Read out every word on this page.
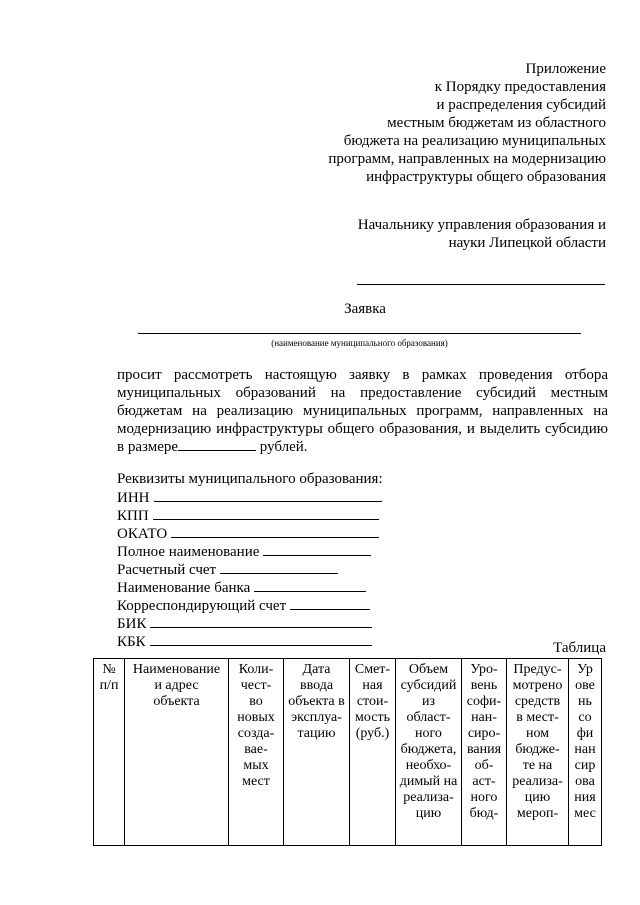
Приложение
к Порядку предоставления
и распределения субсидий
местным бюджетам из областного
бюджета на реализацию муниципальных
программ, направленных на модернизацию
инфраструктуры общего образования
Начальнику управления образования и
науки Липецкой области
Заявка
(наименование муниципального образования)
просит рассмотреть настоящую заявку в рамках проведения отбора муниципальных образований на предоставление субсидий местным бюджетам на реализацию муниципальных программ, направленных на модернизацию инфраструктуры общего образования, и выделить субсидию в размере	рублей.
Реквизиты муниципального образования:
ИНН
КПП
ОКАТО
Полное наименование
Расчетный счет
Наименование банка
Корреспондирующий счет
БИК
КБК	Таблица
№
п/п

Наименование
и адрес
объекта

Коли-
чест-
во
новых
созда-
вае-
мых
мест

Дата
ввода
объекта в
эксплуа-
тацию

Смет-
ная
стои-
мость
(руб.)

Объем
субсидий
из
област-
ного
бюджета,
необхо-
димый на
реализа-
цию

Уро-
вень
софи-
нан-
сиро-
вания
об-
аст-
ного
бюд-

Предус-
мотрено
средств
в мест-
ном
бюдже-
те на
реализа-
цию
мероп-

Ур
ове
нь
со
фи
нан
сир
ова
ния
мес
